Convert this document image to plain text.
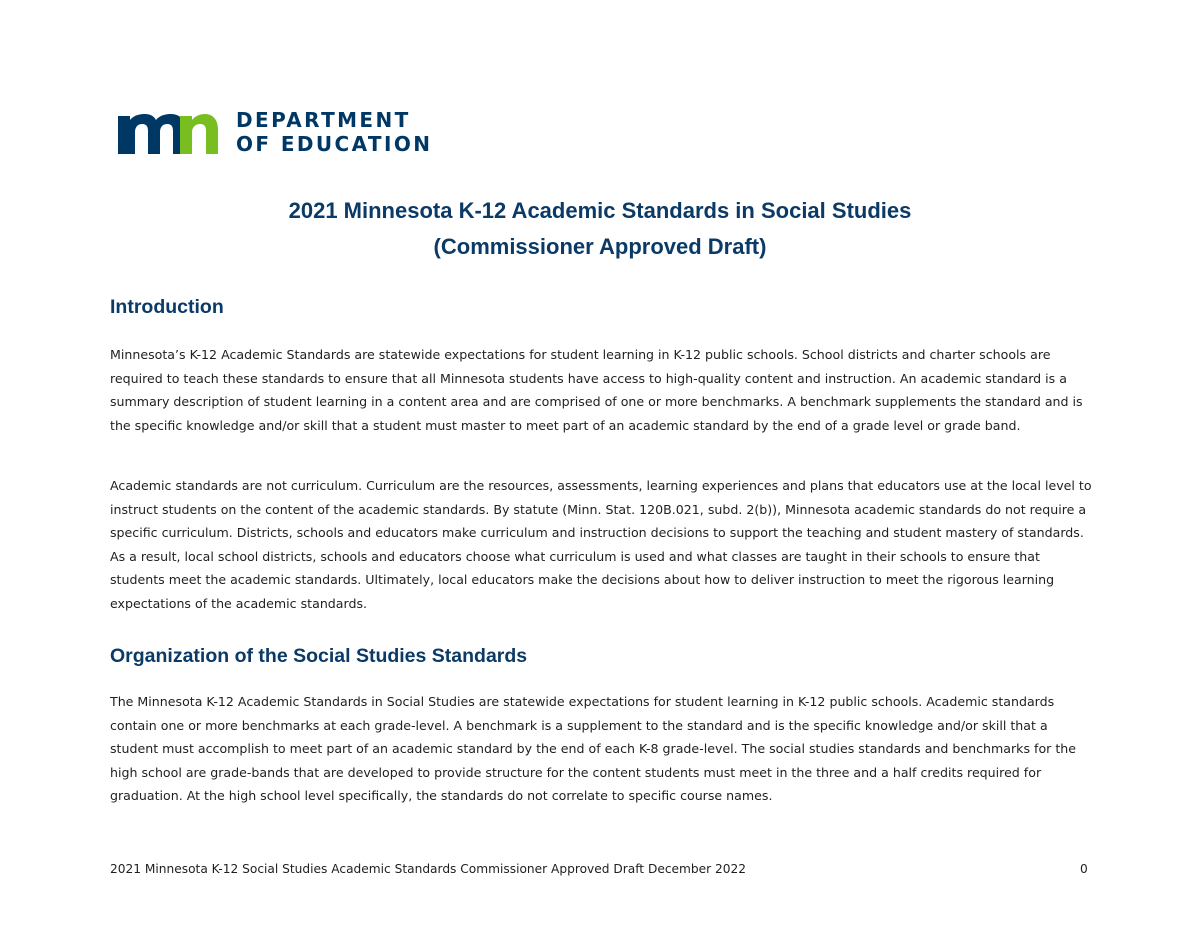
DEPARTMENT
OF EDUCATION
2021 Minnesota K-12 Academic Standards in Social Studies
(Commissioner Approved Draft)
Introduction

Minnesota’s K-12 Academic Standards are statewide expectations for student learning in K-12 public schools. School districts and charter schools are required to teach these standards to ensure that all Minnesota students have access to high-quality content and instruction. An academic standard is a summary description of student learning in a content area and are comprised of one or more benchmarks. A benchmark supplements the standard and is the specific knowledge and/or skill that a student must master to meet part of an academic standard by the end of a grade level or grade band.

Academic standards are not curriculum. Curriculum are the resources, assessments, learning experiences and plans that educators use at the local level to instruct students on the content of the academic standards. By statute (Minn. Stat. 120B.021, subd. 2(b)), Minnesota academic standards do not require a specific curriculum. Districts, schools and educators make curriculum and instruction decisions to support the teaching and student mastery of standards. As a result, local school districts, schools and educators choose what curriculum is used and what classes are taught in their schools to ensure that students meet the academic standards. Ultimately, local educators make the decisions about how to deliver instruction to meet the rigorous learning expectations of the academic standards.

Organization of the Social Studies Standards

The Minnesota K-12 Academic Standards in Social Studies are statewide expectations for student learning in K-12 public schools. Academic standards contain one or more benchmarks at each grade-level. A benchmark is a supplement to the standard and is the specific knowledge and/or skill that a student must accomplish to meet part of an academic standard by the end of each K-8 grade-level. The social studies standards and benchmarks for the high school are grade-bands that are developed to provide structure for the content students must meet in the three and a half credits required for graduation. At the high school level specifically, the standards do not correlate to specific course names.

2021 Minnesota K-12 Social Studies Academic Standards Commissioner Approved Draft December 2022	0
